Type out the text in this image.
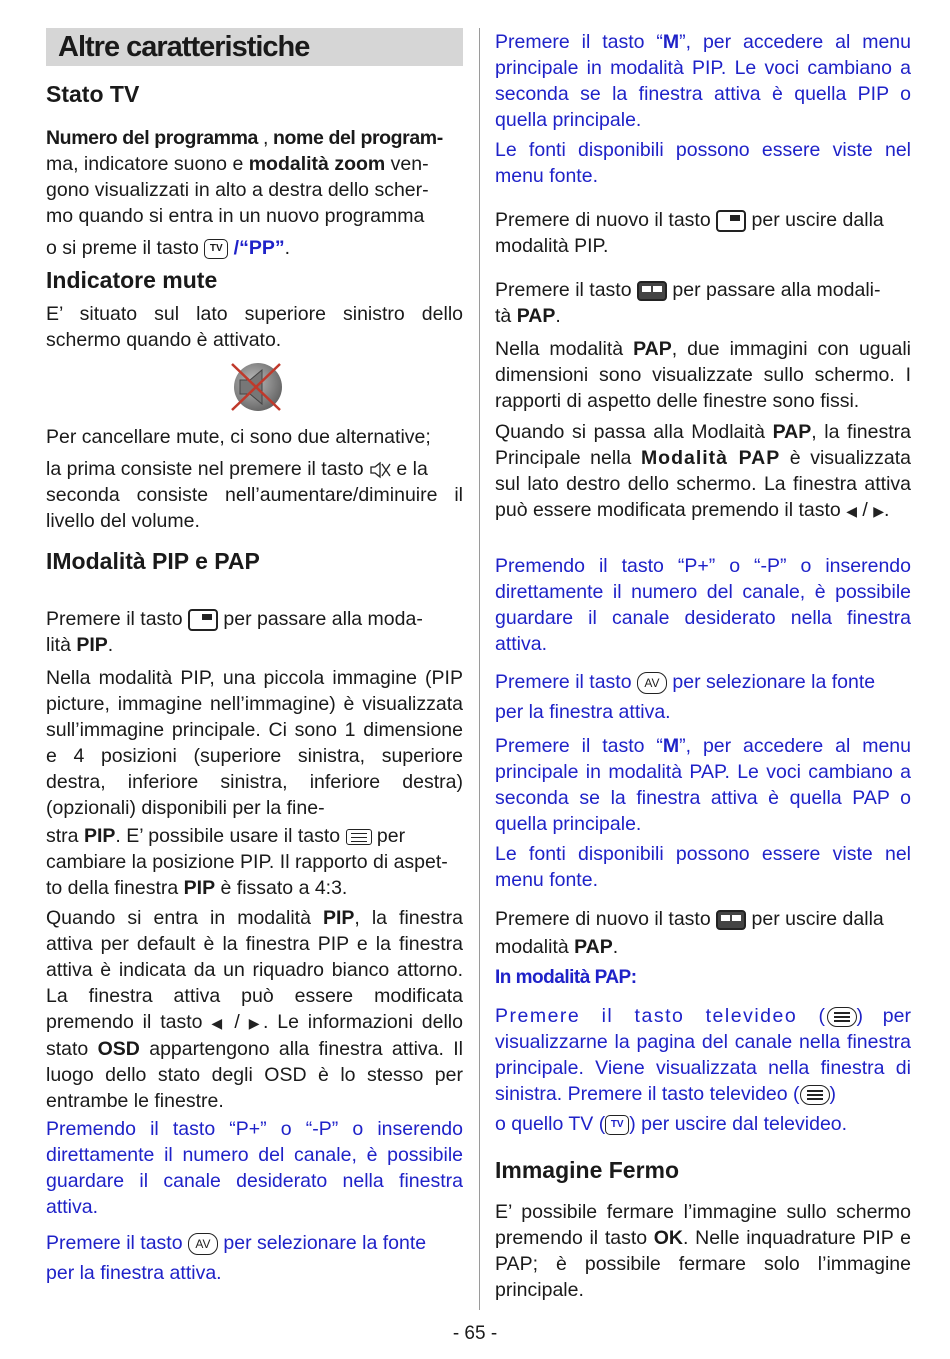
Altre caratteristiche
Stato TV
Numero del programma , nome del program-
ma, indicatore suono e modalità zoom ven-
gono visualizzati in alto a destra dello scher-
mo quando si entra in un nuovo programma
o si preme il tasto TV /“PP”.
Indicatore mute

E’ situato sul lato superiore sinistro dello schermo quando è attivato.

Per cancellare mute, ci sono due alternative;
la prima consiste nel premere il tasto  e la
seconda consiste nell’aumentare/diminuire il livello del volume.
IModalità PIP e PAP
Premere il tasto  per passare alla moda-
lità PIP.
Nella modalità PIP, una piccola immagine (PIP picture, immagine nell’immagine) è visualizzata sull’immagine principale. Ci sono 1 dimensione e 4 posizioni (superiore sinistra, superiore destra, inferiore sinistra, inferiore destra) (opzionali) disponibili per la fine-
stra PIP. E’ possibile usare il tasto
per
cambiare la posizione PIP. Il rapporto di aspet-
to della finestra PIP è fissato a 4:3.
Quando si entra in modalità PIP, la finestra attiva per default è la finestra PIP e la finestra attiva è indicata da un riquadro bianco attorno. La finestra attiva può essere modificata premendo il tasto ◀ / ▶. Le informazioni dello stato OSD appartengono alla finestra attiva. Il luogo dello stato degli OSD è lo stesso per entrambe le finestre.

Premendo il tasto “P+” o “-P” o inserendo direttamente il numero del canale, è possibile guardare il canale desiderato nella finestra attiva.

Premere il tasto AV per selezionare la fonte
per la finestra attiva.

Premere il tasto “M”, per accedere al menu principale in modalità PIP. Le voci cambiano a seconda se la finestra attiva è quella PIP o quella principale.

Le fonti disponibili possono essere viste nel menu fonte.

Premere di nuovo il tasto  per uscire dalla
modalità PIP.
Premere il tasto  per passare alla modali-
tà PAP.

Nella modalità PAP, due immagini con uguali dimensioni sono visualizzate sullo schermo. I rapporti di aspetto delle finestre sono fissi.

Quando si passa alla Modlaità PAP, la finestra Principale nella Modalità PAP è visualizzata sul lato destro dello schermo. La finestra attiva può essere modificata premendo il tasto ◀ / ▶.

Premendo il tasto “P+” o “-P” o inserendo direttamente il numero del canale, è possibile guardare il canale desiderato nella finestra attiva.

Premere il tasto AV per selezionare la fonte
per la finestra attiva.

Premere il tasto “M”, per accedere al menu principale in modalità PAP. Le voci cambiano a seconda se la finestra attiva è quella PAP o quella principale.

Le fonti disponibili possono essere viste nel menu fonte.

Premere di nuovo il tasto  per uscire dalla
modalità PAP.

In modalità PAP:

Premere il tasto televideo ( ) per visualizzarne la pagina del canale nella finestra principale. Viene visualizzata nella finestra di sinistra. Premere il tasto televideo ( )
o quello TV ( TV ) per uscire dal televideo.
Immagine Fermo

E’ possibile fermare l’immagine sullo schermo premendo il tasto OK. Nelle inquadrature PIP e PAP; è possibile fermare solo l’immagine principale.

- 65 -
